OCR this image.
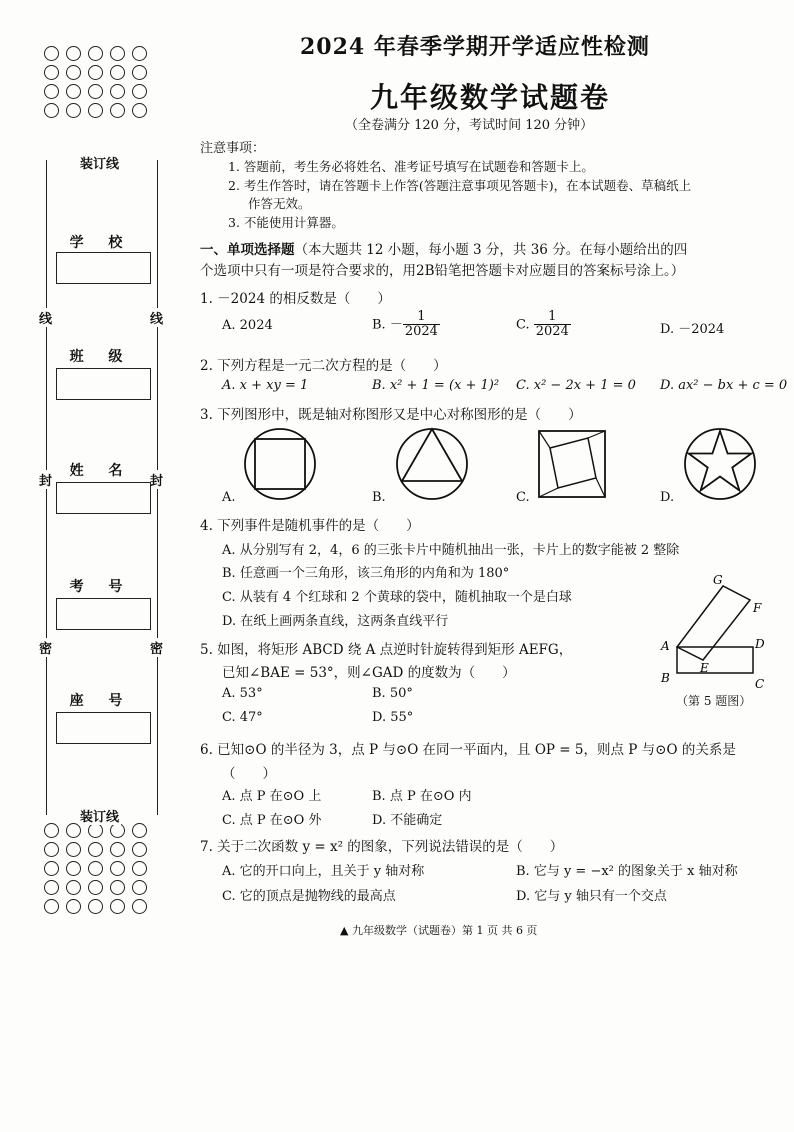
装订线
装订线
线	线
封	封
密	密
学 校
班 级
姓 名
考 号
座 号
2024 年春季学期开学适应性检测
九年级数学试题卷
（全卷满分 120 分，考试时间 120 分钟）
注意事项：
1. 答题前，考生务必将姓名、准考证号填写在试题卷和答题卡上。
2. 考生作答时，请在答题卡上作答(答题注意事项见答题卡)，在本试题卷、草稿纸上
作答无效。
3. 不能使用计算器。
一、单项选择题（本大题共 12 小题，每小题 3 分，共 36 分。在每小题给出的四
个选项中只有一项是符合要求的，用2B铅笔把答题卡对应题目的答案标号涂上。）
1. －2024 的相反数是（　　）
A. 2024	B. － $\frac{1}{2024}$	C. $\frac{1}{2024}$	D. －2024
2. 下列方程是一元二次方程的是（　　）
A. x + xy = 1	B. x² + 1 = (x + 1)² C. x² − 2x + 1 = 0 D. ax² − bx + c = 0
3. 下列图形中，既是轴对称图形又是中心对称图形的是（　　）
A.	B.	C.	D.
4. 下列事件是随机事件的是（　　）
A. 从分别写有 2，4，6 的三张卡片中随机抽出一张，卡片上的数字能被 2 整除
B. 任意画一个三角形，该三角形的内角和为 180°
C. 从装有 4 个红球和 2 个黄球的袋中，随机抽取一个是白球
D. 在纸上画两条直线，这两条直线平行
5. 如图，将矩形 ABCD 绕 A 点逆时针旋转得到矩形 AEFG，
已知∠BAE = 53°，则∠GAD 的度数为（　　）
A. 53°	B. 50°
C. 47°	D. 55°
A
B	C
D
E
F
G
（第 5 题图）
6. 已知⊙O 的半径为 3，点 P 与⊙O 在同一平面内，且 OP = 5，则点 P 与⊙O 的关系是
（　　）
A. 点 P 在⊙O 上	B. 点 P 在⊙O 内
C. 点 P 在⊙O 外	D. 不能确定
7. 关于二次函数 y = x² 的图象，下列说法错误的是（　　）
A. 它的开口向上，且关于 y 轴对称	B. 它与 y = −x² 的图象关于 x 轴对称
C. 它的顶点是抛物线的最高点	D. 它与 y 轴只有一个交点
▲ 九年级数学（试题卷）第 1 页 共 6 页
